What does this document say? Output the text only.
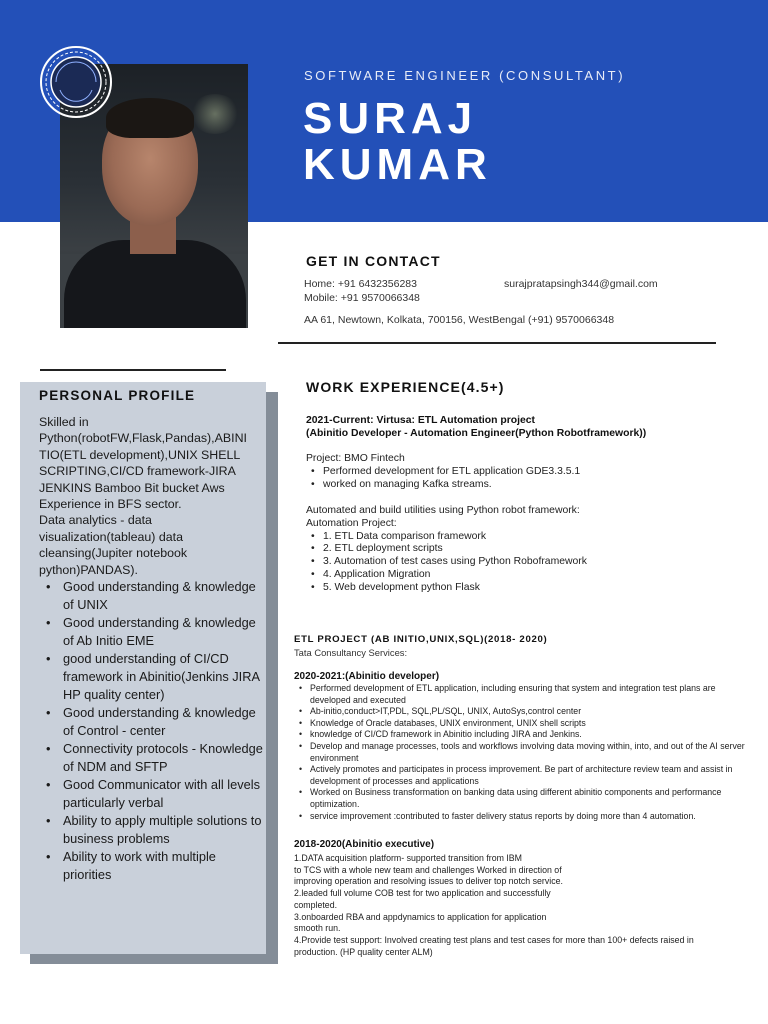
SOFTWARE ENGINEER (CONSULTANT)
SURAJ
KUMAR
GET IN CONTACT
Home: +91 6432356283	surajpratapsingh344@gmail.com
Mobile: +91 9570066348
AA 61, Newtown, Kolkata, 700156, WestBengal (+91) 9570066348
PERSONAL PROFILE
Skilled in
Python(robotFW,Flask,Pandas),ABINI
TIO(ETL development),UNIX SHELL
SCRIPTING,CI/CD framework-JIRA
JENKINS Bamboo Bit bucket Aws
Experience in BFS sector.
Data analytics - data
visualization(tableau) data
cleansing(Jupiter notebook
python)PANDAS).
• Good understanding & knowledge of UNIX
• Good understanding & knowledge of Ab Initio EME
• good understanding of CI/CD framework in Abinitio(Jenkins JIRA HP quality center)
• Good understanding & knowledge of Control - center
• Connectivity protocols - Knowledge of NDM and SFTP
• Good Communicator with all levels particularly verbal
• Ability to apply multiple solutions to business problems
• Ability to work with multiple priorities
WORK EXPERIENCE(4.5+)
2021-Current: Virtusa: ETL Automation project
(Abinitio Developer - Automation Engineer(Python Robotframework))
Project: BMO Fintech
• Performed development for ETL application GDE3.3.5.1
• worked on managing Kafka streams.
Automated and build utilities using Python robot framework:
Automation Project:
• 1. ETL Data comparison framework
• 2. ETL deployment scripts
• 3. Automation of test cases using Python Roboframework
• 4. Application Migration
• 5. Web development python Flask
ETL PROJECT (AB INITIO,UNIX,SQL)(2018- 2020)
Tata Consultancy Services:
2020-2021:(Abinitio developer)
• Performed development of ETL application, including ensuring that system and integration test plans are developed and executed
• Ab-initio,conduct>IT,PDL, SQL,PL/SQL, UNIX, AutoSys,control center
• Knowledge of Oracle databases, UNIX environment, UNIX shell scripts
• knowledge of CI/CD framework in Abinitio including JIRA and Jenkins.
• Develop and manage processes, tools and workflows involving data moving within, into, and out of the AI server environment
• Actively promotes and participates in process improvement. Be part of architecture review team and assist in development of processes and applications
• Worked on Business transformation on banking data using different abinitio components and performance optimization.
• service improvement :contributed to faster delivery status reports by doing more than 4 automation.
2018-2020(Abinitio executive)
1.DATA acquisition platform- supported transition from IBM
to TCS with a whole new team and challenges Worked in direction of
improving operation and resolving issues to deliver top notch service.
2.leaded full volume COB test for two application and successfully
completed.
3.onboarded RBA and appdynamics to application for application
smooth run.
4.Provide test support: Involved creating test plans and test cases for more than 100+ defects raised in
production. (HP quality center ALM)
